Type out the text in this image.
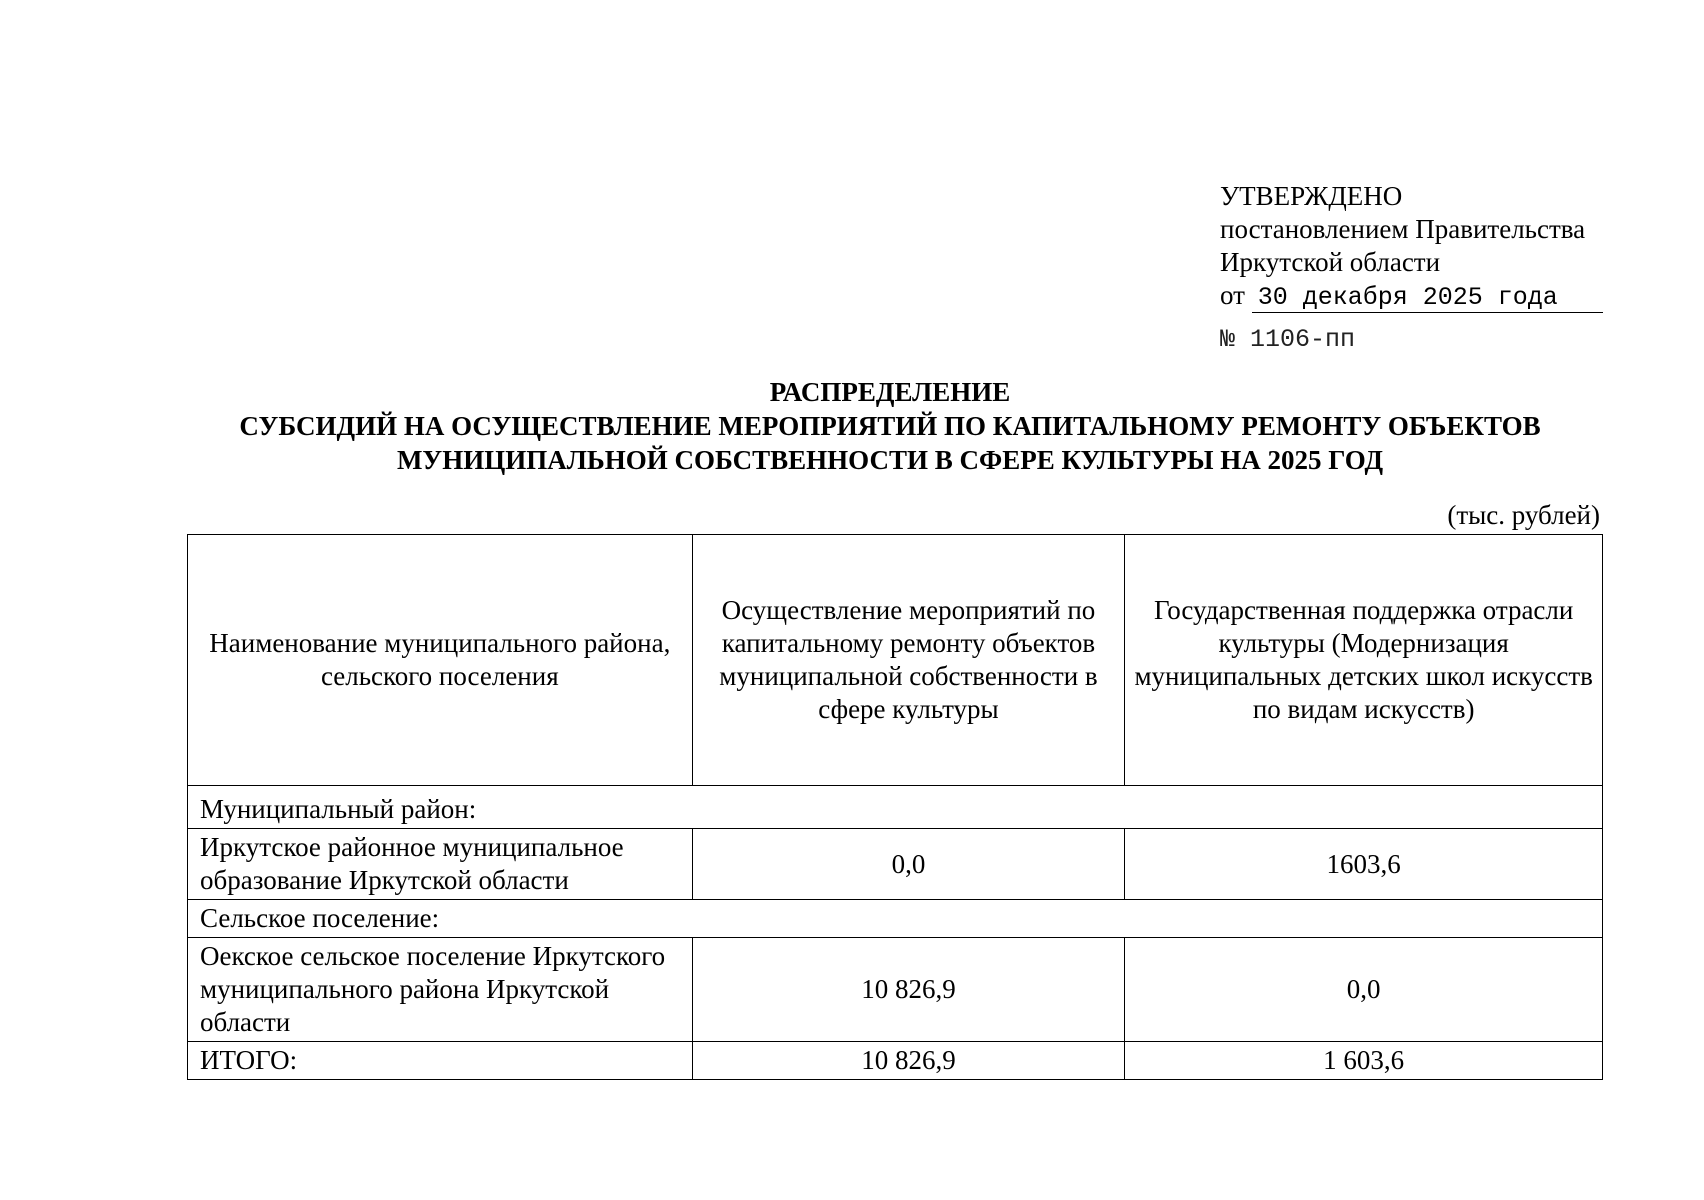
УТВЕРЖДЕНО
постановлением Правительства
Иркутской области
от 30 декабря 2025 года
№ 1106-пп
РАСПРЕДЕЛЕНИЕ
СУБСИДИЙ НА ОСУЩЕСТВЛЕНИЕ МЕРОПРИЯТИЙ ПО КАПИТАЛЬНОМУ РЕМОНТУ ОБЪЕКТОВ
МУНИЦИПАЛЬНОЙ СОБСТВЕННОСТИ В СФЕРЕ КУЛЬТУРЫ НА 2025 ГОД
(тыс. рублей)
Наименование муниципального района, сельского поселения	Осуществление мероприятий по капитальному ремонту объектов муниципальной собственности в сфере культуры	Государственная поддержка отрасли культуры (Модернизация муниципальных детских школ искусств по видам искусств)
Муниципальный район:		
Иркутское районное муниципальное образование Иркутской области	0,0	1603,6
Сельское поселение:		
Оекское сельское поселение Иркутского муниципального района Иркутской области	10 826,9	0,0
ИТОГО:	10 826,9	1 603,6
